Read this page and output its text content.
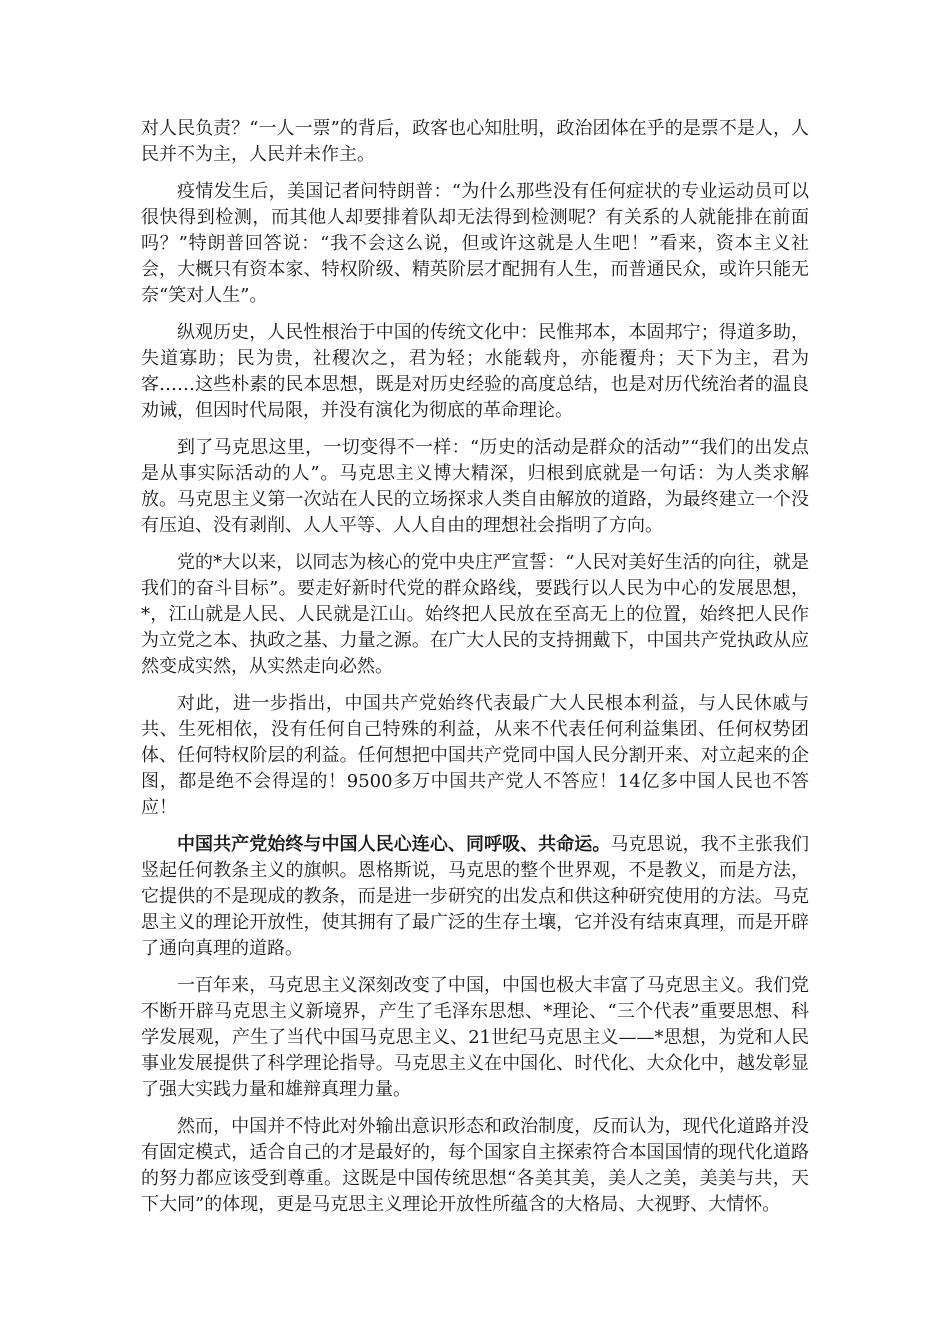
对人民负责？“一人一票”的背后，政客也心知肚明，政治团体在乎的是票不是人，人民并不为主，人民并未作主。

疫情发生后，美国记者问特朗普：“为什么那些没有任何症状的专业运动员可以很快得到检测，而其他人却要排着队却无法得到检测呢？有关系的人就能排在前面吗？”特朗普回答说：“我不会这么说，但或许这就是人生吧！”看来，资本主义社会，大概只有资本家、特权阶级、精英阶层才配拥有人生，而普通民众，或许只能无奈“笑对人生”。

纵观历史，人民性根治于中国的传统文化中：民惟邦本，本固邦宁；得道多助，失道寡助；民为贵，社稷次之，君为轻；水能载舟，亦能覆舟；天下为主，君为客……这些朴素的民本思想，既是对历史经验的高度总结，也是对历代统治者的温良劝诫，但因时代局限，并没有演化为彻底的革命理论。

到了马克思这里，一切变得不一样：“历史的活动是群众的活动”“我们的出发点是从事实际活动的人”。马克思主义博大精深，归根到底就是一句话：为人类求解放。马克思主义第一次站在人民的立场探求人类自由解放的道路，为最终建立一个没有压迫、没有剥削、人人平等、人人自由的理想社会指明了方向。

党的*大以来，以同志为核心的党中央庄严宣誓：“人民对美好生活的向往，就是我们的奋斗目标”。要走好新时代党的群众路线，要践行以人民为中心的发展思想，*，江山就是人民、人民就是江山。始终把人民放在至高无上的位置，始终把人民作为立党之本、执政之基、力量之源。在广大人民的支持拥戴下，中国共产党执政从应然变成实然，从实然走向必然。

对此，进一步指出，中国共产党始终代表最广大人民根本利益，与人民休戚与共、生死相依，没有任何自己特殊的利益，从来不代表任何利益集团、任何权势团体、任何特权阶层的利益。任何想把中国共产党同中国人民分割开来、对立起来的企图，都是绝不会得逞的！9500多万中国共产党人不答应！14亿多中国人民也不答应！

中国共产党始终与中国人民心连心、同呼吸、共命运。马克思说，我不主张我们竖起任何教条主义的旗帜。恩格斯说，马克思的整个世界观，不是教义，而是方法，它提供的不是现成的教条，而是进一步研究的出发点和供这种研究使用的方法。马克思主义的理论开放性，使其拥有了最广泛的生存土壤，它并没有结束真理，而是开辟了通向真理的道路。

一百年来，马克思主义深刻改变了中国，中国也极大丰富了马克思主义。我们党不断开辟马克思主义新境界，产生了毛泽东思想、*理论、“三个代表”重要思想、科学发展观，产生了当代中国马克思主义、21世纪马克思主义——*思想，为党和人民事业发展提供了科学理论指导。马克思主义在中国化、时代化、大众化中，越发彰显了强大实践力量和雄辩真理力量。

然而，中国并不恃此对外输出意识形态和政治制度，反而认为，现代化道路并没有固定模式，适合自己的才是最好的，每个国家自主探索符合本国国情的现代化道路的努力都应该受到尊重。这既是中国传统思想“各美其美，美人之美，美美与共，天下大同”的体现，更是马克思主义理论开放性所蕴含的大格局、大视野、大情怀。
